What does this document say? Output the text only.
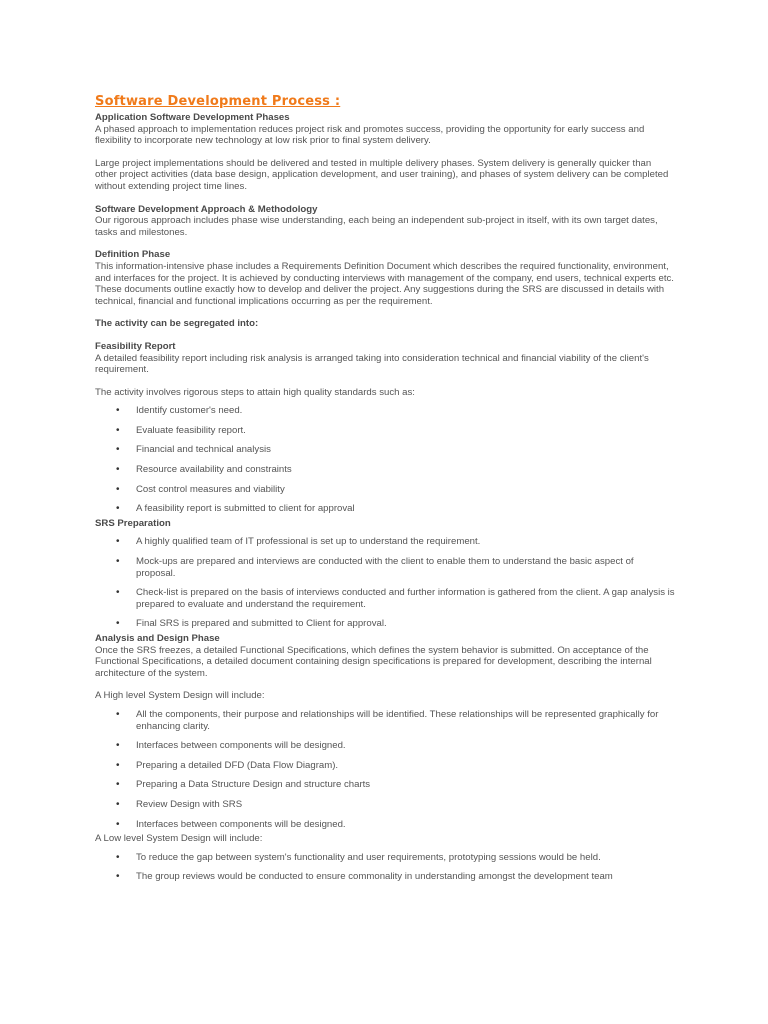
Software Development Process :

Application Software Development Phases

A phased approach to implementation reduces project risk and promotes success, providing the opportunity for early success and flexibility to incorporate new technology at low risk prior to final system delivery.

Large project implementations should be delivered and tested in multiple delivery phases. System delivery is generally quicker than other project activities (data base design, application development, and user training), and phases of system delivery can be completed without extending project time lines.

Software Development Approach & Methodology

Our rigorous approach includes phase wise understanding, each being an independent sub-project in itself, with its own target dates, tasks and milestones.

Definition Phase

This information-intensive phase includes a Requirements Definition Document which describes the required functionality, environment, and interfaces for the project. It is achieved by conducting interviews with management of the company, end users, technical experts etc. These documents outline exactly how to develop and deliver the project. Any suggestions during the SRS are discussed in details with technical, financial and functional implications occurring as per the requirement.

The activity can be segregated into:

Feasibility Report

A detailed feasibility report including risk analysis is arranged taking into consideration technical and financial viability of the client's requirement.

The activity involves rigorous steps to attain high quality standards such as:

• Identify customer's need.
• Evaluate feasibility report.
• Financial and technical analysis
• Resource availability and constraints
• Cost control measures and viability
• A feasibility report is submitted to client for approval

SRS Preparation

• A highly qualified team of IT professional is set up to understand the requirement.
• Mock-ups are prepared and interviews are conducted with the client to enable them to understand the basic aspect of proposal.
• Check-list is prepared on the basis of interviews conducted and further information is gathered from the client. A gap analysis is prepared to evaluate and understand the requirement.
• Final SRS is prepared and submitted to Client for approval.

Analysis and Design Phase

Once the SRS freezes, a detailed Functional Specifications, which defines the system behavior is submitted. On acceptance of the Functional Specifications, a detailed document containing design specifications is prepared for development, describing the internal architecture of the system.

A High level System Design will include:

• All the components, their purpose and relationships will be identified. These relationships will be represented graphically for enhancing clarity.
• Interfaces between components will be designed.
• Preparing a detailed DFD (Data Flow Diagram).
• Preparing a Data Structure Design and structure charts
• Review Design with SRS
• Interfaces between components will be designed.

A Low level System Design will include:

• To reduce the gap between system's functionality and user requirements, prototyping sessions would be held.
• The group reviews would be conducted to ensure commonality in understanding amongst the development team
